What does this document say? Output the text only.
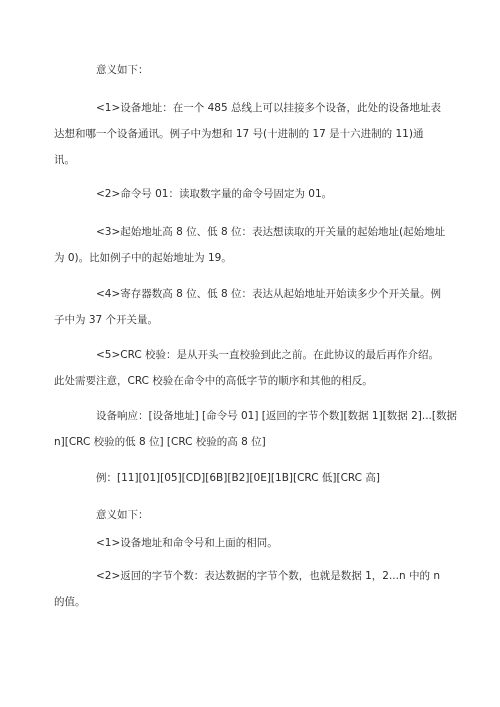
意义如下：

<1>设备地址：在一个 485 总线上可以挂接多个设备，此处的设备地址表
达想和哪一个设备通讯。例子中为想和 17 号(十进制的 17 是十六进制的 11)通
讯。

<2>命令号 01：读取数字量的命令号固定为 01。

<3>起始地址高 8 位、低 8 位：表达想读取的开关量的起始地址(起始地址
为 0)。比如例子中的起始地址为 19。

<4>寄存器数高 8 位、低 8 位：表达从起始地址开始读多少个开关量。例
子中为 37 个开关量。

<5>CRC 校验：是从开头一直校验到此之前。在此协议的最后再作介绍。
此处需要注意，CRC 校验在命令中的高低字节的顺序和其他的相反。

设备响应：[设备地址] [命令号 01] [返回的字节个数][数据 1][数据 2]...[数据
n][CRC 校验的低 8 位] [CRC 校验的高 8 位]

例：[11][01][05][CD][6B][B2][0E][1B][CRC 低][CRC 高]

意义如下：

<1>设备地址和命令号和上面的相同。

<2>返回的字节个数：表达数据的字节个数，也就是数据 1，2...n 中的 n
的值。
